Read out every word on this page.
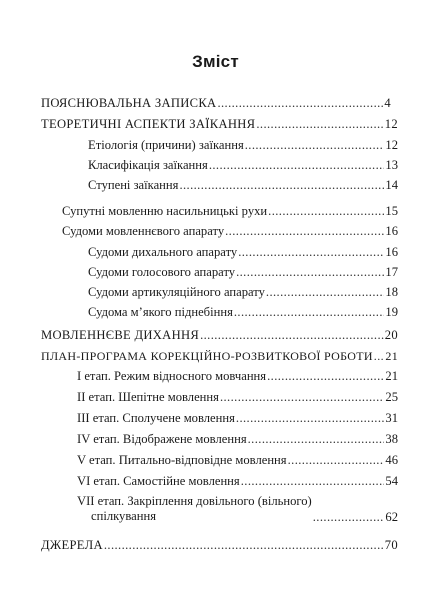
Зміст
ПОЯСНЮВАЛЬНА ЗАПИСКА .....	4
ТЕОРЕТИЧНІ АСПЕКТИ ЗАЇКАННЯ .....	12
Етіологія (причини) заїкання .....	12
Класифікація заїкання .....	13
Ступені заїкання .....	14
Супутні мовленню насильницькі рухи .....	15
Судоми мовленнєвого апарату .....	16
Судоми дихального апарату .....	16
Судоми голосового апарату .....	17
Судоми артикуляційного апарату .....	18
Судома м’якого піднебіння .....	19
МОВЛЕННЄВЕ ДИХАННЯ .....	20
ПЛАН-ПРОГРАМА КОРЕКЦІЙНО-РОЗВИТКОВОЇ РОБОТИ ..... 21
І етап. Режим відносного мовчання .....	21
II етап. Шепітне мовлення .....	25
III етап. Сполучене мовлення .....	31
IV етап. Відображене мовлення .....	38
V етап. Питально-відповідне мовлення .....	46
VI етап. Самостійне мовлення .....	54
VII етап. Закріплення довільного (вільного)
спілкування .....	62
ДЖЕРЕЛА .....	70
